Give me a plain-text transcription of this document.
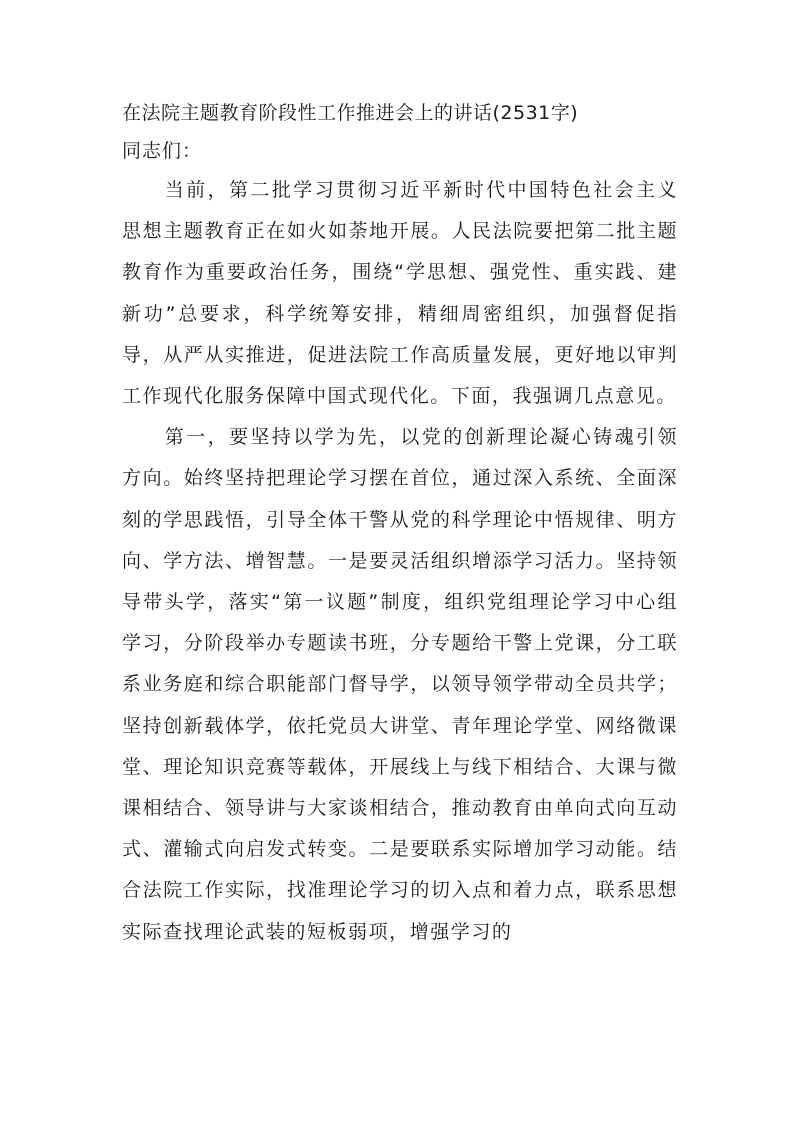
在法院主题教育阶段性工作推进会上的讲话(2531字)
同志们：

当前，第二批学习贯彻习近平新时代中国特色社会主义思想主题教育正在如火如荼地开展。人民法院要把第二批主题教育作为重要政治任务，围绕“学思想、强党性、重实践、建新功”总要求，科学统筹安排，精细周密组织，加强督促指导，从严从实推进，促进法院工作高质量发展，更好地以审判工作现代化服务保障中国式现代化。下面，我强调几点意见。

第一，要坚持以学为先，以党的创新理论凝心铸魂引领方向。始终坚持把理论学习摆在首位，通过深入系统、全面深刻的学思践悟，引导全体干警从党的科学理论中悟规律、明方向、学方法、增智慧。一是要灵活组织增添学习活力。坚持领导带头学，落实“第一议题”制度，组织党组理论学习中心组学习，分阶段举办专题读书班，分专题给干警上党课，分工联系业务庭和综合职能部门督导学，以领导领学带动全员共学；坚持创新载体学，依托党员大讲堂、青年理论学堂、网络微课堂、理论知识竞赛等载体，开展线上与线下相结合、大课与微课相结合、领导讲与大家谈相结合，推动教育由单向式向互动式、灌输式向启发式转变。二是要联系实际增加学习动能。结合法院工作实际，找准理论学习的切入点和着力点，联系思想实际查找理论武装的短板弱项，增强学习的
